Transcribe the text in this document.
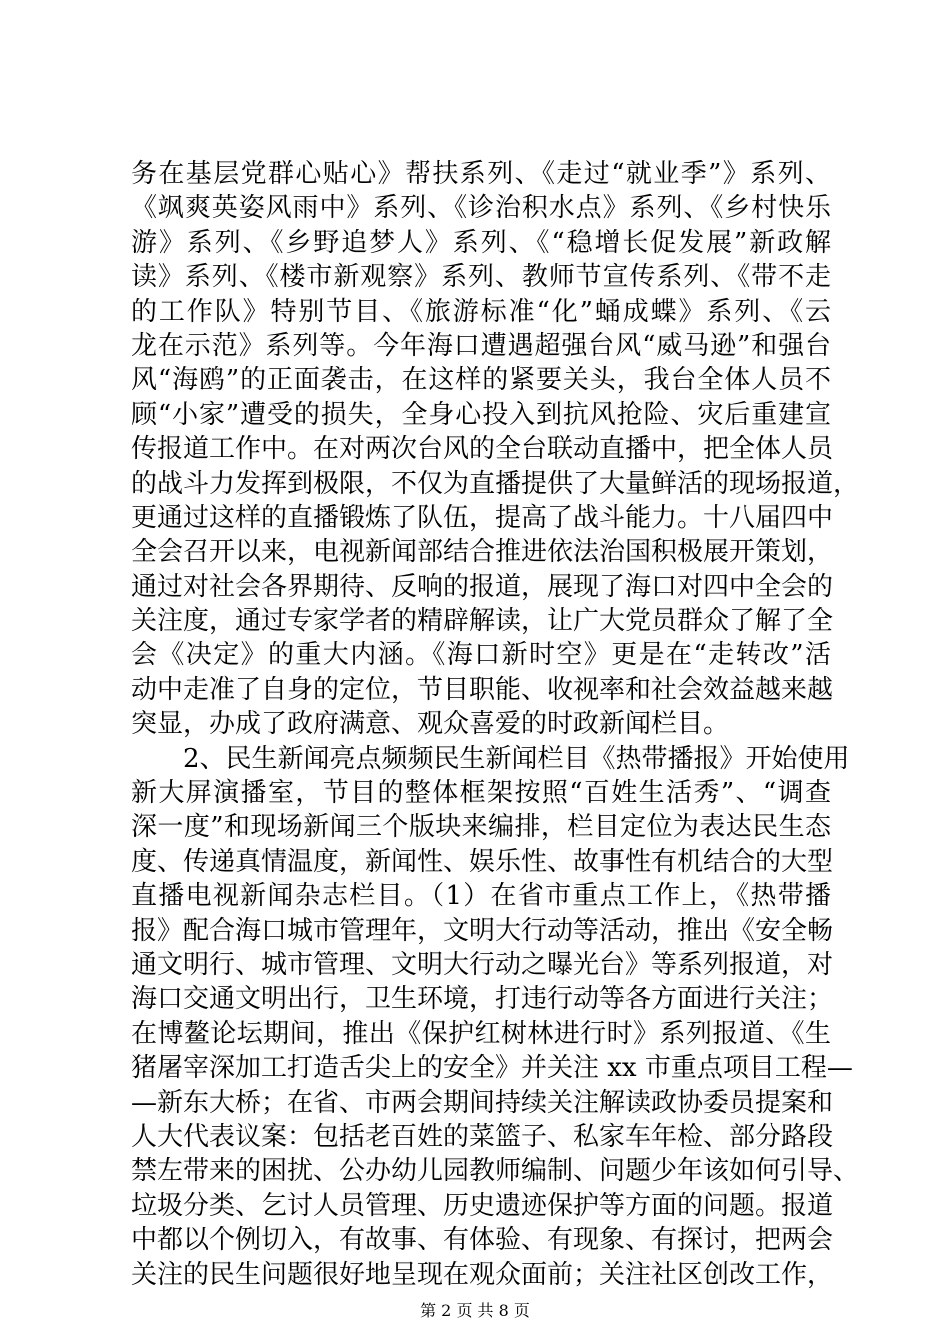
务在基层党群心贴心》帮扶系列、《走过“就业季”》系列、
《飒爽英姿风雨中》系列、《诊治积水点》系列、《乡村快乐
游》系列、《乡野追梦人》系列、《“稳增长促发展”新政解
读》系列、《楼市新观察》系列、教师节宣传系列、《带不走
的工作队》特别节目、《旅游标准“化”蛹成蝶》系列、《云
龙在示范》系列等。今年海口遭遇超强台风“威马逊”和强台
风“海鸥”的正面袭击，在这样的紧要关头，我台全体人员不
顾“小家”遭受的损失，全身心投入到抗风抢险、灾后重建宣
传报道工作中。在对两次台风的全台联动直播中，把全体人员
的战斗力发挥到极限，不仅为直播提供了大量鲜活的现场报道，
更通过这样的直播锻炼了队伍，提高了战斗能力。十八届四中
全会召开以来，电视新闻部结合推进依法治国积极展开策划，
通过对社会各界期待、反响的报道，展现了海口对四中全会的
关注度，通过专家学者的精辟解读，让广大党员群众了解了全
会《决定》的重大内涵。《海口新时空》更是在“走转改”活
动中走准了自身的定位，节目职能、收视率和社会效益越来越
突显，办成了政府满意、观众喜爱的时政新闻栏目。
2、民生新闻亮点频频民生新闻栏目《热带播报》开始使用
新大屏演播室，节目的整体框架按照“百姓生活秀”、“调查
深一度”和现场新闻三个版块来编排，栏目定位为表达民生态
度、传递真情温度，新闻性、娱乐性、故事性有机结合的大型
直播电视新闻杂志栏目。（1）在省市重点工作上，《热带播
报》配合海口城市管理年，文明大行动等活动，推出《安全畅
通文明行、城市管理、文明大行动之曝光台》等系列报道，对
海口交通文明出行，卫生环境，打违行动等各方面进行关注；
在博鳌论坛期间，推出《保护红树林进行时》系列报道、《生
猪屠宰深加工打造舌尖上的安全》并关注 xx 市重点项目工程—
—新东大桥；在省、市两会期间持续关注解读政协委员提案和
人大代表议案：包括老百姓的菜篮子、私家车年检、部分路段
禁左带来的困扰、公办幼儿园教师编制、问题少年该如何引导、
垃圾分类、乞讨人员管理、历史遗迹保护等方面的问题。报道
中都以个例切入，有故事、有体验、有现象、有探讨，把两会
关注的民生问题很好地呈现在观众面前；关注社区创改工作，
第 2 页 共 8 页
